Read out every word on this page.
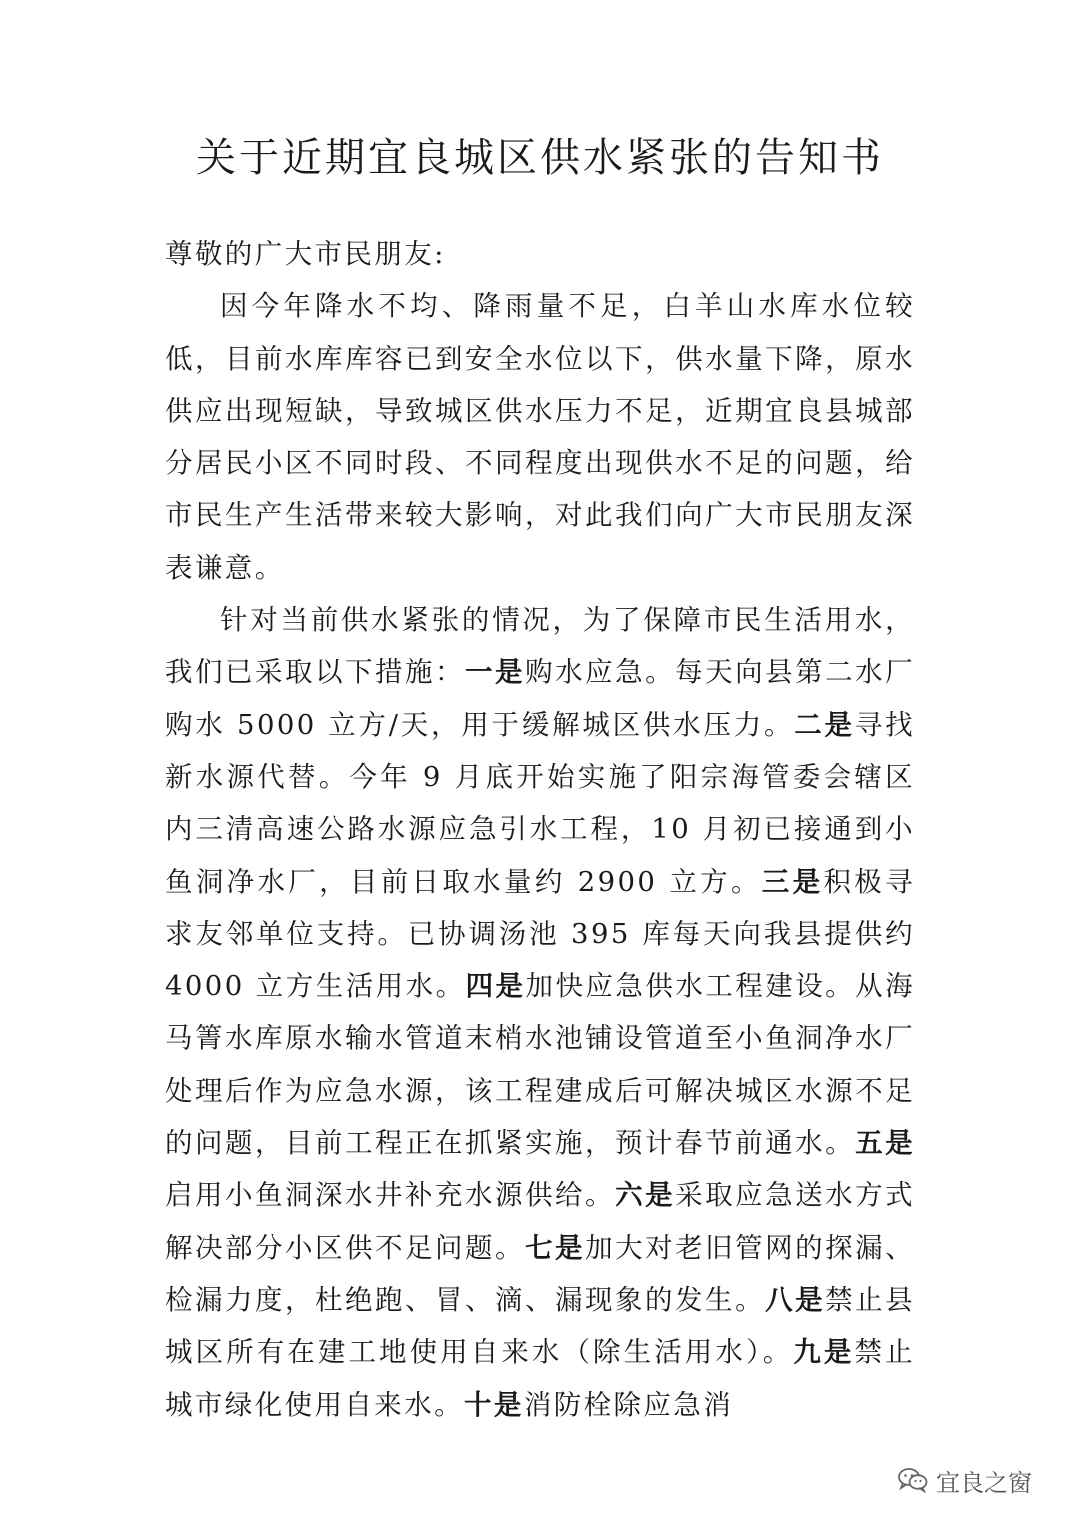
关于近期宜良城区供水紧张的告知书

尊敬的广大市民朋友:

因今年降水不均、降雨量不足，白羊山水库水位较低，目前水库库容已到安全水位以下，供水量下降，原水供应出现短缺，导致城区供水压力不足，近期宜良县城部分居民小区不同时段、不同程度出现供水不足的问题，给市民生产生活带来较大影响，对此我们向广大市民朋友深表谦意。

针对当前供水紧张的情况，为了保障市民生活用水，我们已采取以下措施：一是购水应急。每天向县第二水厂购水 5000 立方/天，用于缓解城区供水压力。二是寻找新水源代替。今年 9 月底开始实施了阳宗海管委会辖区内三清高速公路水源应急引水工程，10 月初已接通到小鱼洞净水厂，目前日取水量约 2900 立方。三是积极寻求友邻单位支持。已协调汤池 395 库每天向我县提供约 4000 立方生活用水。四是加快应急供水工程建设。从海马箐水库原水输水管道末梢水池铺设管道至小鱼洞净水厂处理后作为应急水源，该工程建成后可解决城区水源不足的问题，目前工程正在抓紧实施，预计春节前通水。五是启用小鱼洞深水井补充水源供给。六是采取应急送水方式解决部分小区供不足问题。七是加大对老旧管网的探漏、检漏力度，杜绝跑、冒、滴、漏现象的发生。八是禁止县城区所有在建工地使用自来水（除生活用水）。九是禁止城市绿化使用自来水。十是消防栓除应急消

宜良之窗
